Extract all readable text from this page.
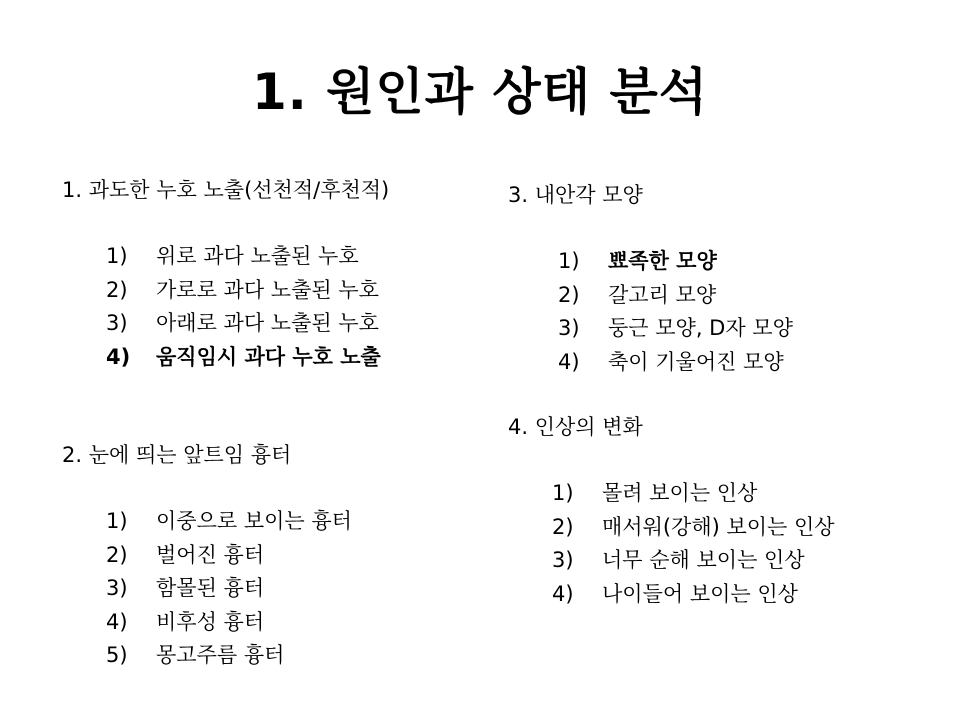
1. 원인과 상태 분석
1. 과도한 누호 노출(선천적/후천적)
1)	위로 과다 노출된 누호
2)	가로로 과다 노출된 누호
3)	아래로 과다 노출된 누호
4)	움직임시 과다 누호 노출
2. 눈에 띄는 앞트임 흉터
1)	이중으로 보이는 흉터
2)	벌어진 흉터
3)	함몰된 흉터
4)	비후성 흉터
5)	몽고주름 흉터
3. 내안각 모양
1)	뾰족한 모양
2)	갈고리 모양
3)	둥근 모양, D자 모양
4)	축이 기울어진 모양
4. 인상의 변화
1)	몰려 보이는 인상
2)	매서워(강해) 보이는 인상
3)	너무 순해 보이는 인상
4)	나이들어 보이는 인상
